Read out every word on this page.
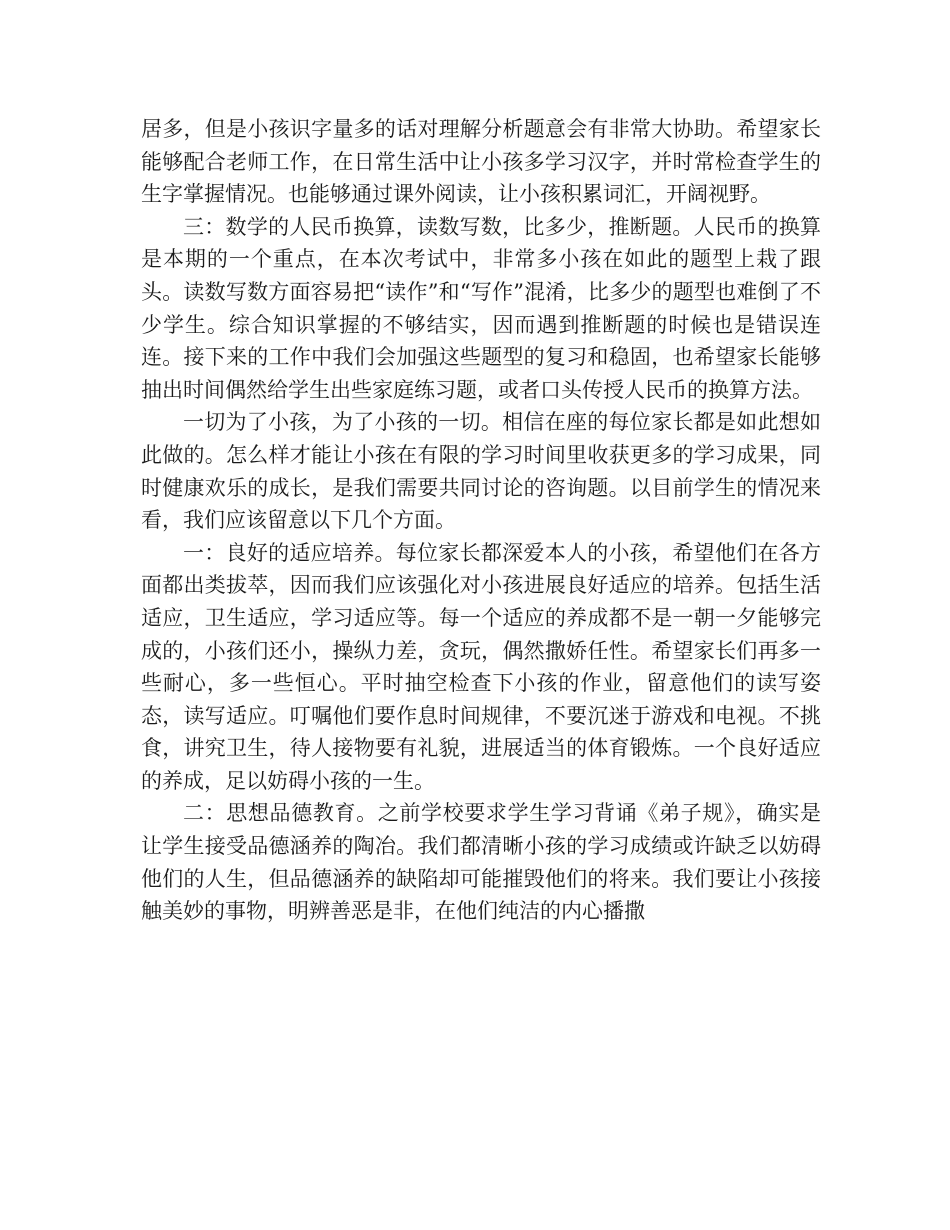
居多，但是小孩识字量多的话对理解分析题意会有非常大协助。希望家长能够配合老师工作，在日常生活中让小孩多学习汉字，并时常检查学生的生字掌握情况。也能够通过课外阅读，让小孩积累词汇，开阔视野。

三：数学的人民币换算，读数写数，比多少，推断题。人民币的换算是本期的一个重点，在本次考试中，非常多小孩在如此的题型上栽了跟头。读数写数方面容易把“读作”和“写作”混淆，比多少的题型也难倒了不少学生。综合知识掌握的不够结实，因而遇到推断题的时候也是错误连连。接下来的工作中我们会加强这些题型的复习和稳固，也希望家长能够抽出时间偶然给学生出些家庭练习题，或者口头传授人民币的换算方法。

一切为了小孩，为了小孩的一切。相信在座的每位家长都是如此想如此做的。怎么样才能让小孩在有限的学习时间里收获更多的学习成果，同时健康欢乐的成长，是我们需要共同讨论的咨询题。以目前学生的情况来看，我们应该留意以下几个方面。

一：良好的适应培养。每位家长都深爱本人的小孩，希望他们在各方面都出类拔萃，因而我们应该强化对小孩进展良好适应的培养。包括生活适应，卫生适应，学习适应等。每一个适应的养成都不是一朝一夕能够完成的，小孩们还小，操纵力差，贪玩，偶然撒娇任性。希望家长们再多一些耐心，多一些恒心。平时抽空检查下小孩的作业，留意他们的读写姿态，读写适应。叮嘱他们要作息时间规律，不要沉迷于游戏和电视。不挑食，讲究卫生，待人接物要有礼貌，进展适当的体育锻炼。一个良好适应的养成，足以妨碍小孩的一生。

二：思想品德教育。之前学校要求学生学习背诵《弟子规》，确实是让学生接受品德涵养的陶冶。我们都清晰小孩的学习成绩或许缺乏以妨碍他们的人生，但品德涵养的缺陷却可能摧毁他们的将来。我们要让小孩接触美妙的事物，明辨善恶是非，在他们纯洁的内心播撒
